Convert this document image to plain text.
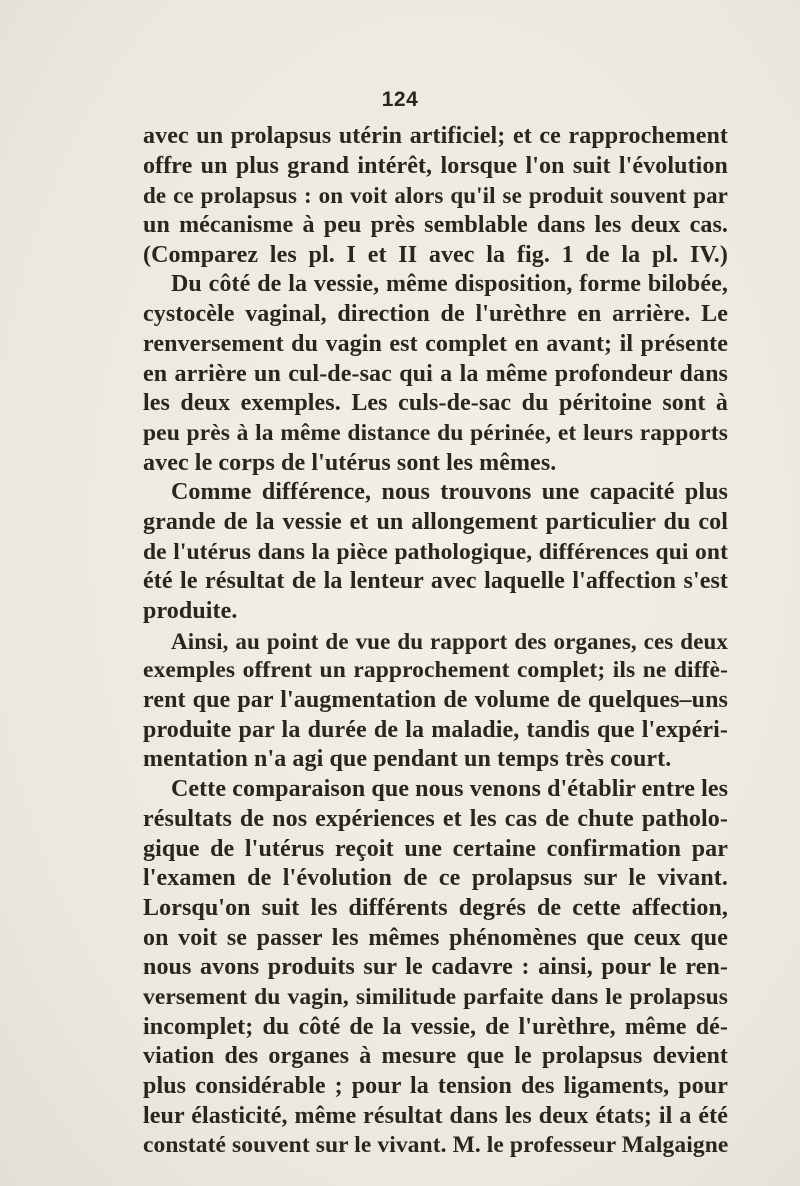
124
avec un prolapsus utérin artificiel; et ce rapprochement
offre un plus grand intérêt, lorsque l'on suit l'évolution
de ce prolapsus : on voit alors qu'il se produit souvent par
un mécanisme à peu près semblable dans les deux cas.
(Comparez les pl. I et II avec la fig. 1 de la pl. IV.)
Du côté de la vessie, même disposition, forme bilobée,
cystocèle vaginal, direction de l'urèthre en arrière. Le
renversement du vagin est complet en avant; il présente
en arrière un cul-de-sac qui a la même profondeur dans
les deux exemples. Les culs-de-sac du péritoine sont à
peu près à la même distance du périnée, et leurs rapports
avec le corps de l'utérus sont les mêmes.
Comme différence, nous trouvons une capacité plus
grande de la vessie et un allongement particulier du col
de l'utérus dans la pièce pathologique, différences qui ont
été le résultat de la lenteur avec laquelle l'affection s'est
produite.
Ainsi, au point de vue du rapport des organes, ces deux
exemples offrent un rapprochement complet; ils ne diffè-
rent que par l'augmentation de volume de quelques–uns
produite par la durée de la maladie, tandis que l'expéri-
mentation n'a agi que pendant un temps très court.
Cette comparaison que nous venons d'établir entre les
résultats de nos expériences et les cas de chute patholo-
gique de l'utérus reçoit une certaine confirmation par
l'examen de l'évolution de ce prolapsus sur le vivant.
Lorsqu'on suit les différents degrés de cette affection,
on voit se passer les mêmes phénomènes que ceux que
nous avons produits sur le cadavre : ainsi, pour le ren-
versement du vagin, similitude parfaite dans le prolapsus
incomplet; du côté de la vessie, de l'urèthre, même dé-
viation des organes à mesure que le prolapsus devient
plus considérable ; pour la tension des ligaments, pour
leur élasticité, même résultat dans les deux états; il a été
constaté souvent sur le vivant. M. le professeur Malgaigne
